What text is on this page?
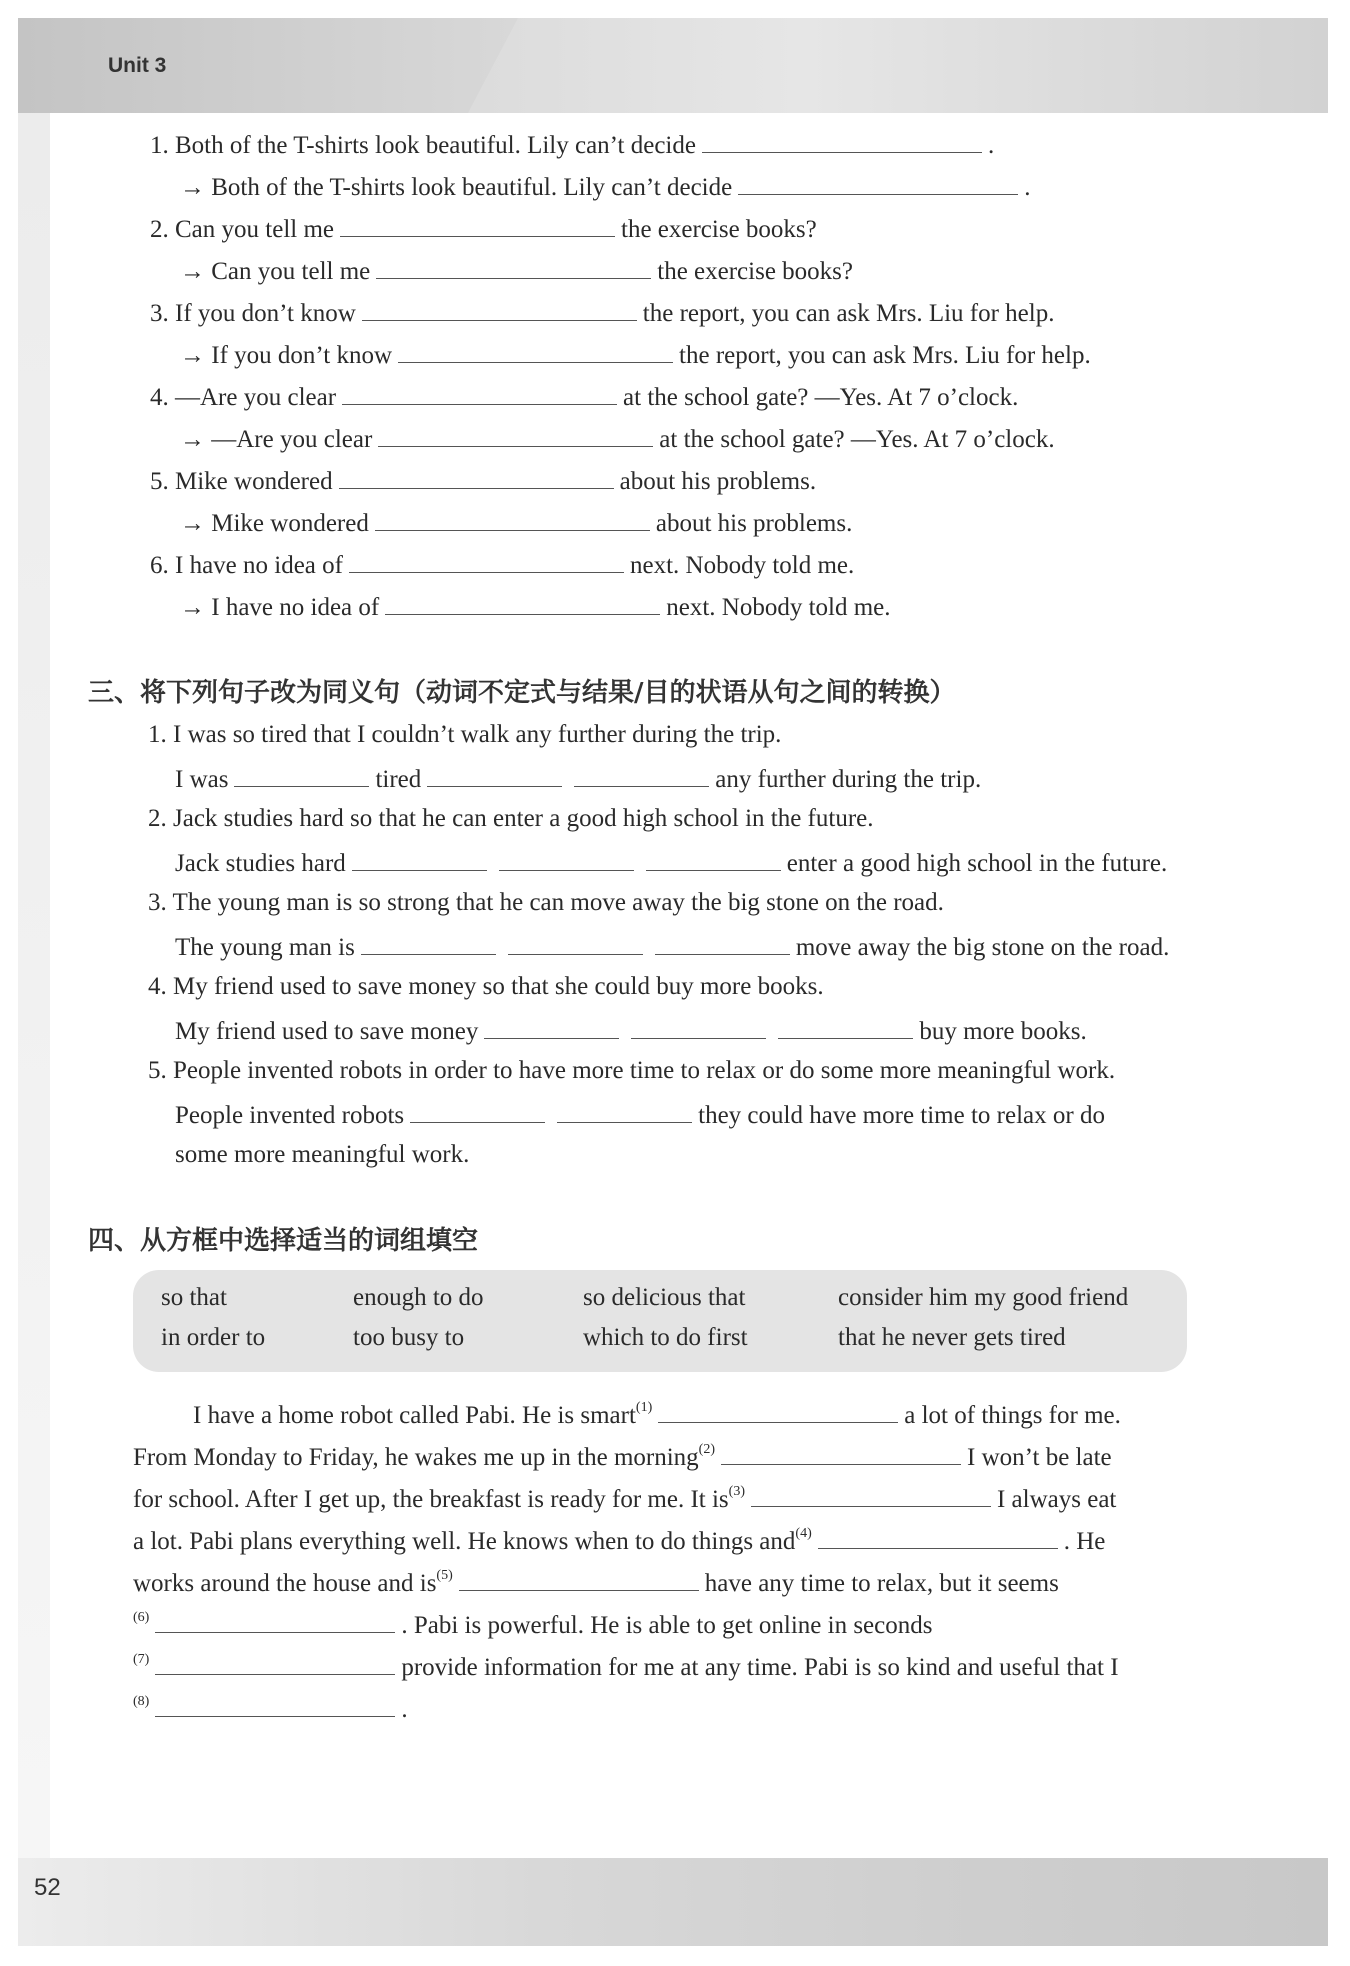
Unit 3
1. Both of the T-shirts look beautiful. Lily can’t decide	.
→ Both of the T-shirts look beautiful. Lily can’t decide	.
2. Can you tell me	the exercise books?
→ Can you tell me	the exercise books?
3. If you don’t know	the report, you can ask Mrs. Liu for help.
→ If you don’t know	the report, you can ask Mrs. Liu for help.
4. —Are you clear	at the school gate? —Yes. At 7 o’clock.
→ —Are you clear	at the school gate? —Yes. At 7 o’clock.
5. Mike wondered	about his problems.
→ Mike wondered	about his problems.
6. I have no idea of	next. Nobody told me.
→ I have no idea of	next. Nobody told me.
三、将下列句子改为同义句（动词不定式与结果/目的状语从句之间的转换）
1. I was so tired that I couldn’t walk any further during the trip.
I was	tired	any further during the trip.
2. Jack studies hard so that he can enter a good high school in the future.
Jack studies hard	enter a good high school in the future.
3. The young man is so strong that he can move away the big stone on the road.
The young man is	move away the big stone on the road.
4. My friend used to save money so that she could buy more books.
My friend used to save money	buy more books.
5. People invented robots in order to have more time to relax or do some more meaningful work.
People invented robots	they could have more time to relax or do
some more meaningful work.
四、从方框中选择适当的词组填空
so that	enough to do	so delicious that	consider him my good friend
in order to	too busy to	which to do first	that he never gets tired
I have a home robot called Pabi. He is smart$^{(1)}$	a lot of things for me.
From Monday to Friday, he wakes me up in the morning$^{(2)}$	I won’t be late
for school. After I get up, the breakfast is ready for me. It $is^{(3)}$	I always eat
a lot. Pabi plans everything well. He knows when to do things and$^{(4)}$	. He
works around the house and $is^{(5)}$	have any time to relax, but it seems
$^{(6)}$	. Pabi is powerful. He is able to get online in seconds
$^{(7)}$	provide information for me at any time. Pabi is so kind and useful that I
$^{(8)}$	.
52
